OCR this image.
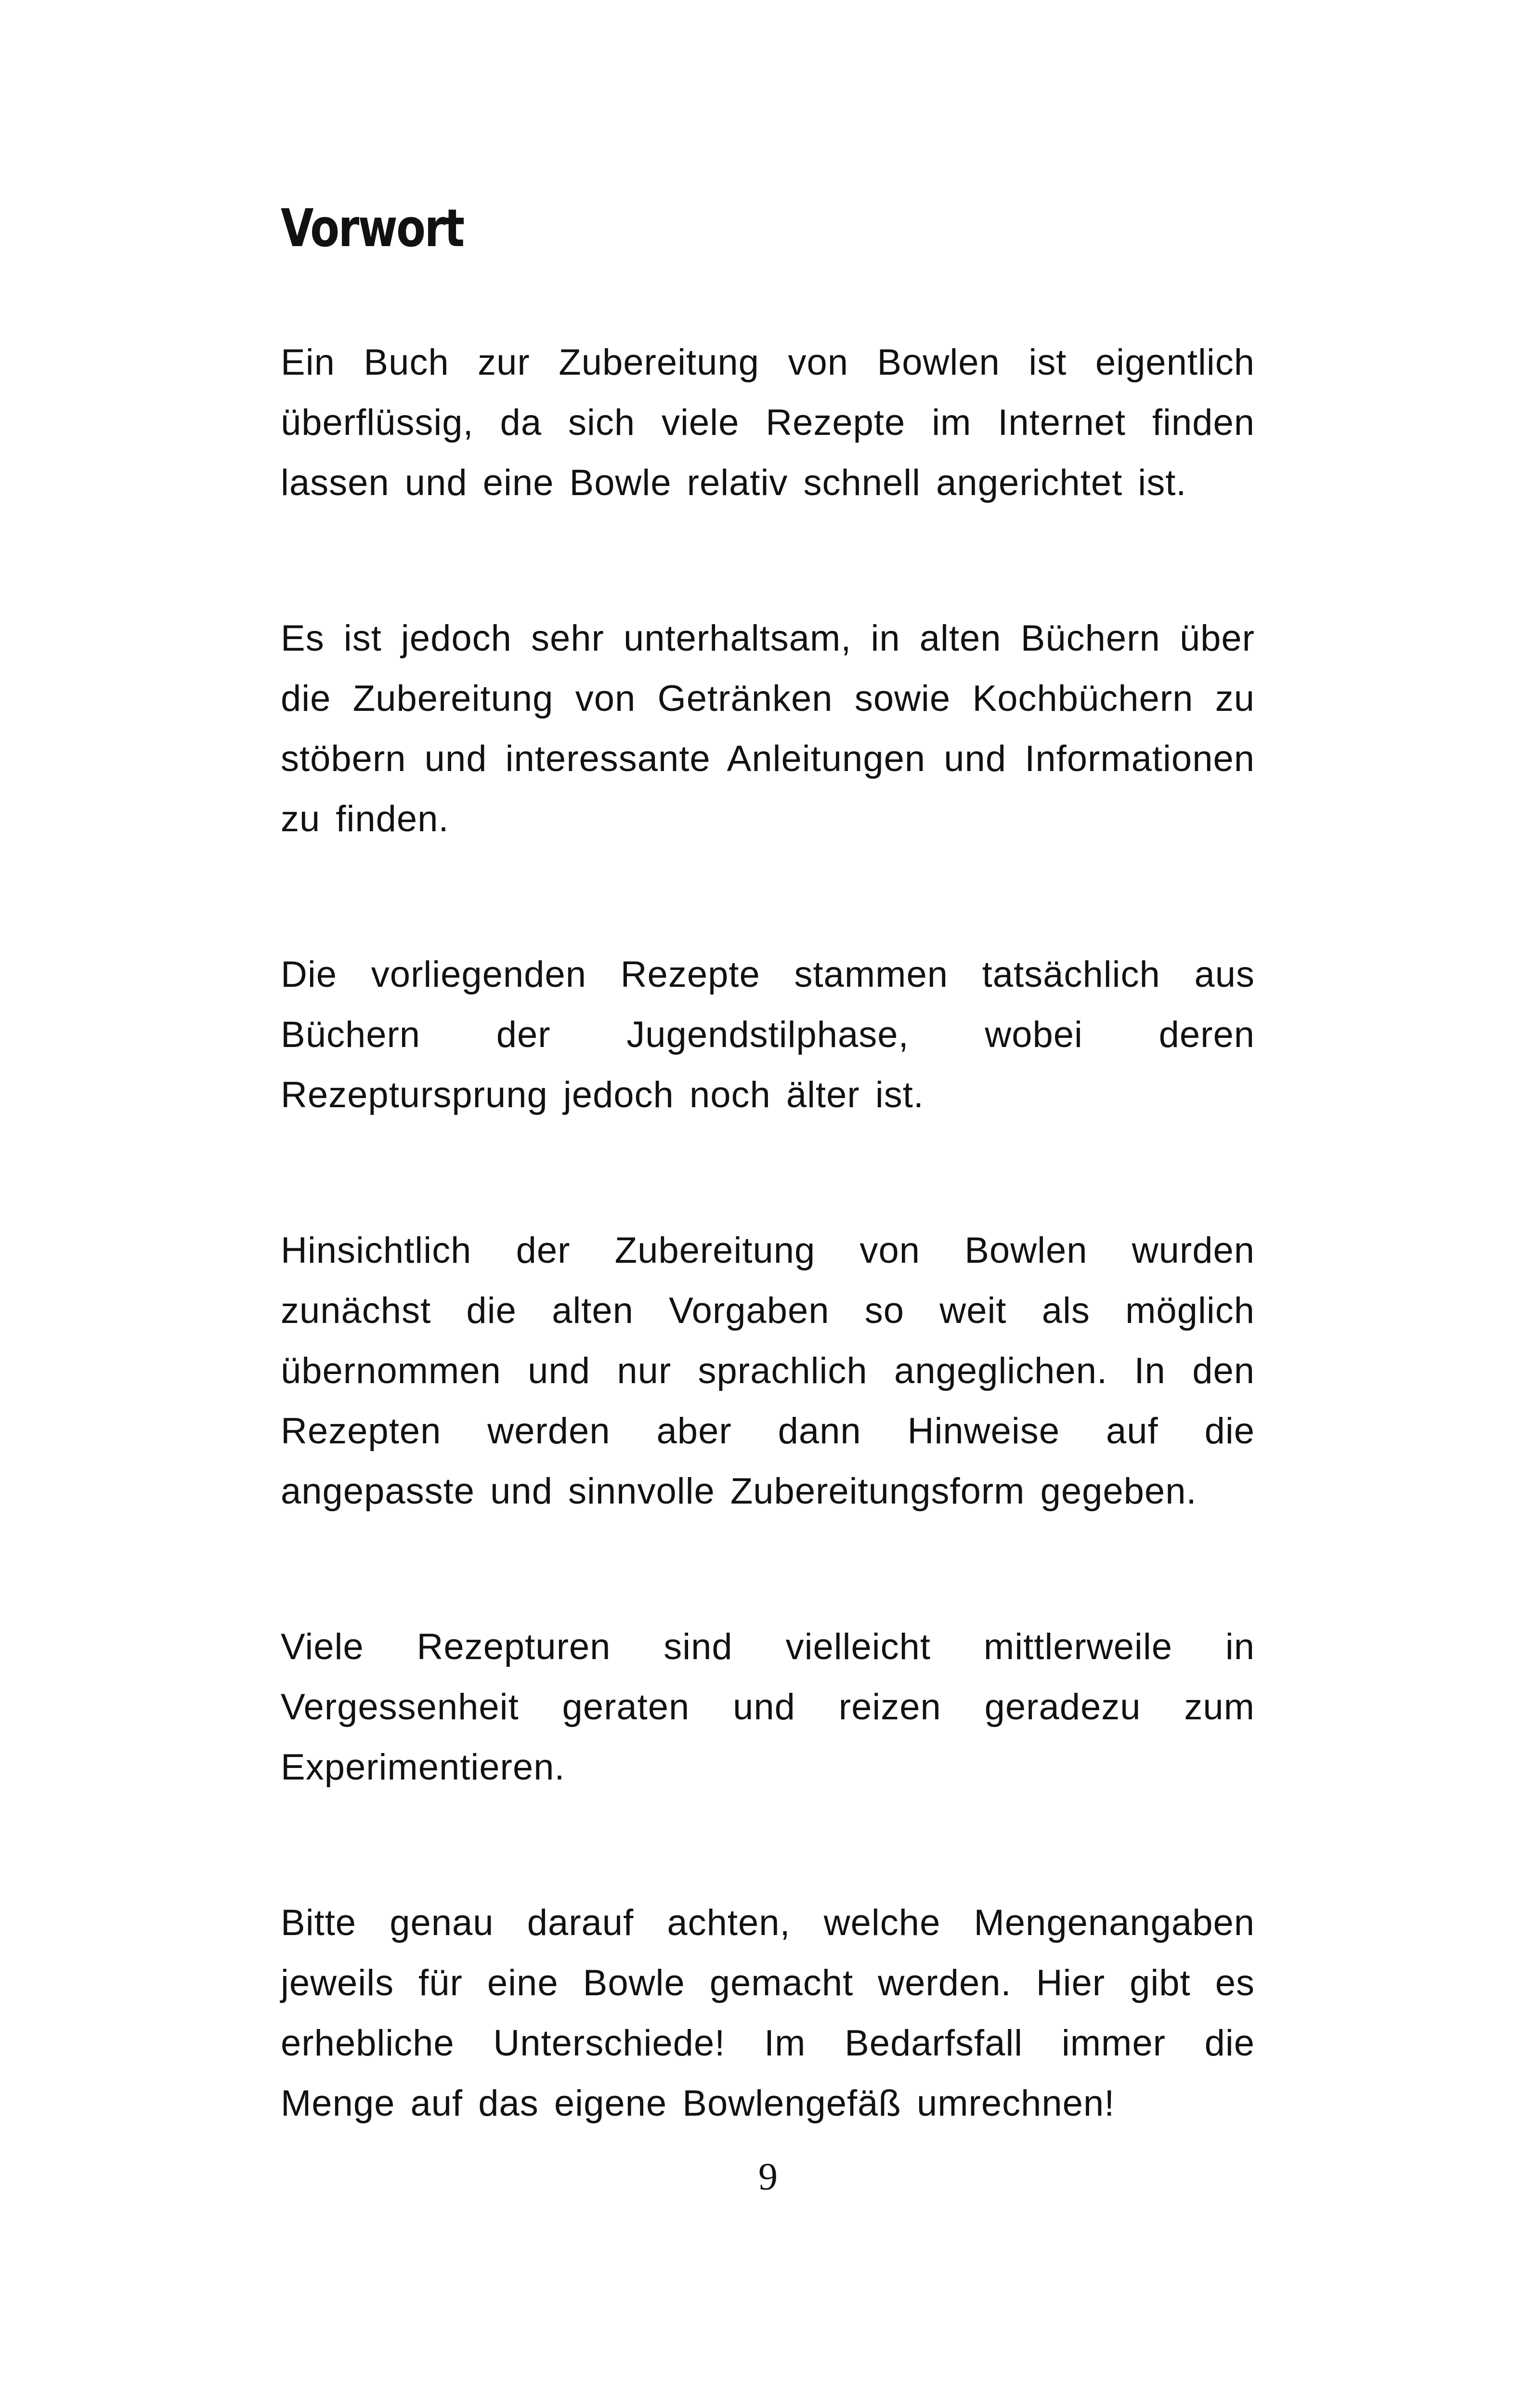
Vorwort

Ein Buch zur Zubereitung von Bowlen ist eigentlich überflüssig, da sich viele Rezepte im Internet finden lassen und eine Bowle relativ schnell angerichtet ist.

Es ist jedoch sehr unterhaltsam, in alten Büchern über die Zubereitung von Getränken sowie Kochbüchern zu stöbern und interessante Anleitungen und Informationen zu finden.

Die vorliegenden Rezepte stammen tatsächlich aus Büchern der Jugendstilphase, wobei deren Rezeptursprung jedoch noch älter ist.

Hinsichtlich der Zubereitung von Bowlen wurden zunächst die alten Vorgaben so weit als möglich übernommen und nur sprachlich angeglichen. In den Rezepten werden aber dann Hinweise auf die angepasste und sinnvolle Zubereitungsform gegeben.

Viele Rezepturen sind vielleicht mittlerweile in Vergessenheit geraten und reizen geradezu zum Experimentieren.

Bitte genau darauf achten, welche Mengenangaben jeweils für eine Bowle gemacht werden. Hier gibt es erhebliche Unterschiede! Im Bedarfsfall immer die Menge auf das eigene Bowlengefäß umrechnen!

9
